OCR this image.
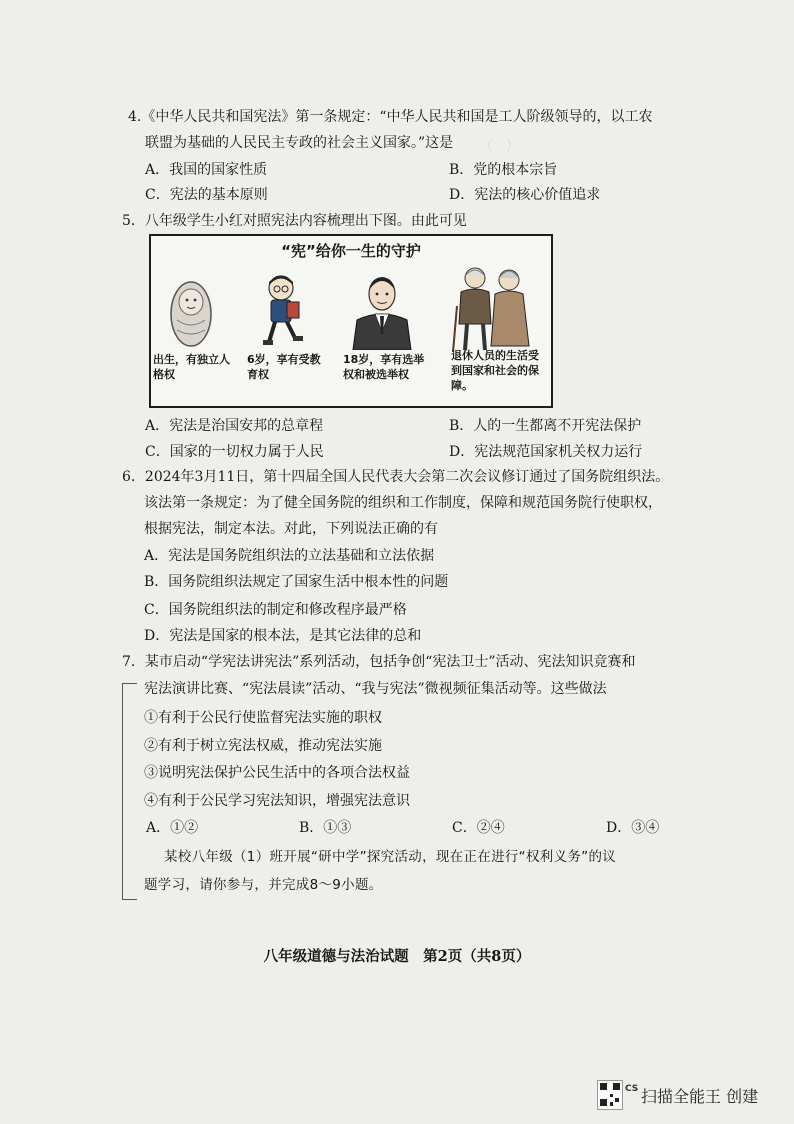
（　）　　　　　　　　　
4.《中华人民共和国宪法》第一条规定：“中华人民共和国是工人阶级领导的，以工农
联盟为基础的人民民主专政的社会主义国家。”这是
A．我国的国家性质	B．党的根本宗旨
C．宪法的基本原则	D．宪法的核心价值追求
5．八年级学生小红对照宪法内容梳理出下图。由此可见
“宪”给你一生的守护
出生，有独立人格权
6岁，享有受教育权
18岁，享有选举权和被选举权
退休人员的生活受到国家和社会的保障。
A．宪法是治国安邦的总章程	B．人的一生都离不开宪法保护
C．国家的一切权力属于人民	D．宪法规范国家机关权力运行
6．2024年3月11日，第十四届全国人民代表大会第二次会议修订通过了国务院组织法。
该法第一条规定：为了健全国务院的组织和工作制度，保障和规范国务院行使职权，
根据宪法，制定本法。对此，下列说法正确的有
A．宪法是国务院组织法的立法基础和立法依据
B．国务院组织法规定了国家生活中根本性的问题
C．国务院组织法的制定和修改程序最严格
D．宪法是国家的根本法，是其它法律的总和
7．某市启动“学宪法讲宪法”系列活动，包括争创“宪法卫士”活动、宪法知识竞赛和
宪法演讲比赛、“宪法晨读”活动、“我与宪法”微视频征集活动等。这些做法
①有利于公民行使监督宪法实施的职权
②有利于树立宪法权威，推动宪法实施
③说明宪法保护公民生活中的各项合法权益
④有利于公民学习宪法知识，增强宪法意识
A．①②	B．①③	C．②④	D．③④
某校八年级（1）班开展“研中学”探究活动，现在正在进行“权利义务”的议
题学习，请你参与，并完成8～9小题。
八年级道德与法治试题　第2页（共8页）
CS 扫描全能王 创建
